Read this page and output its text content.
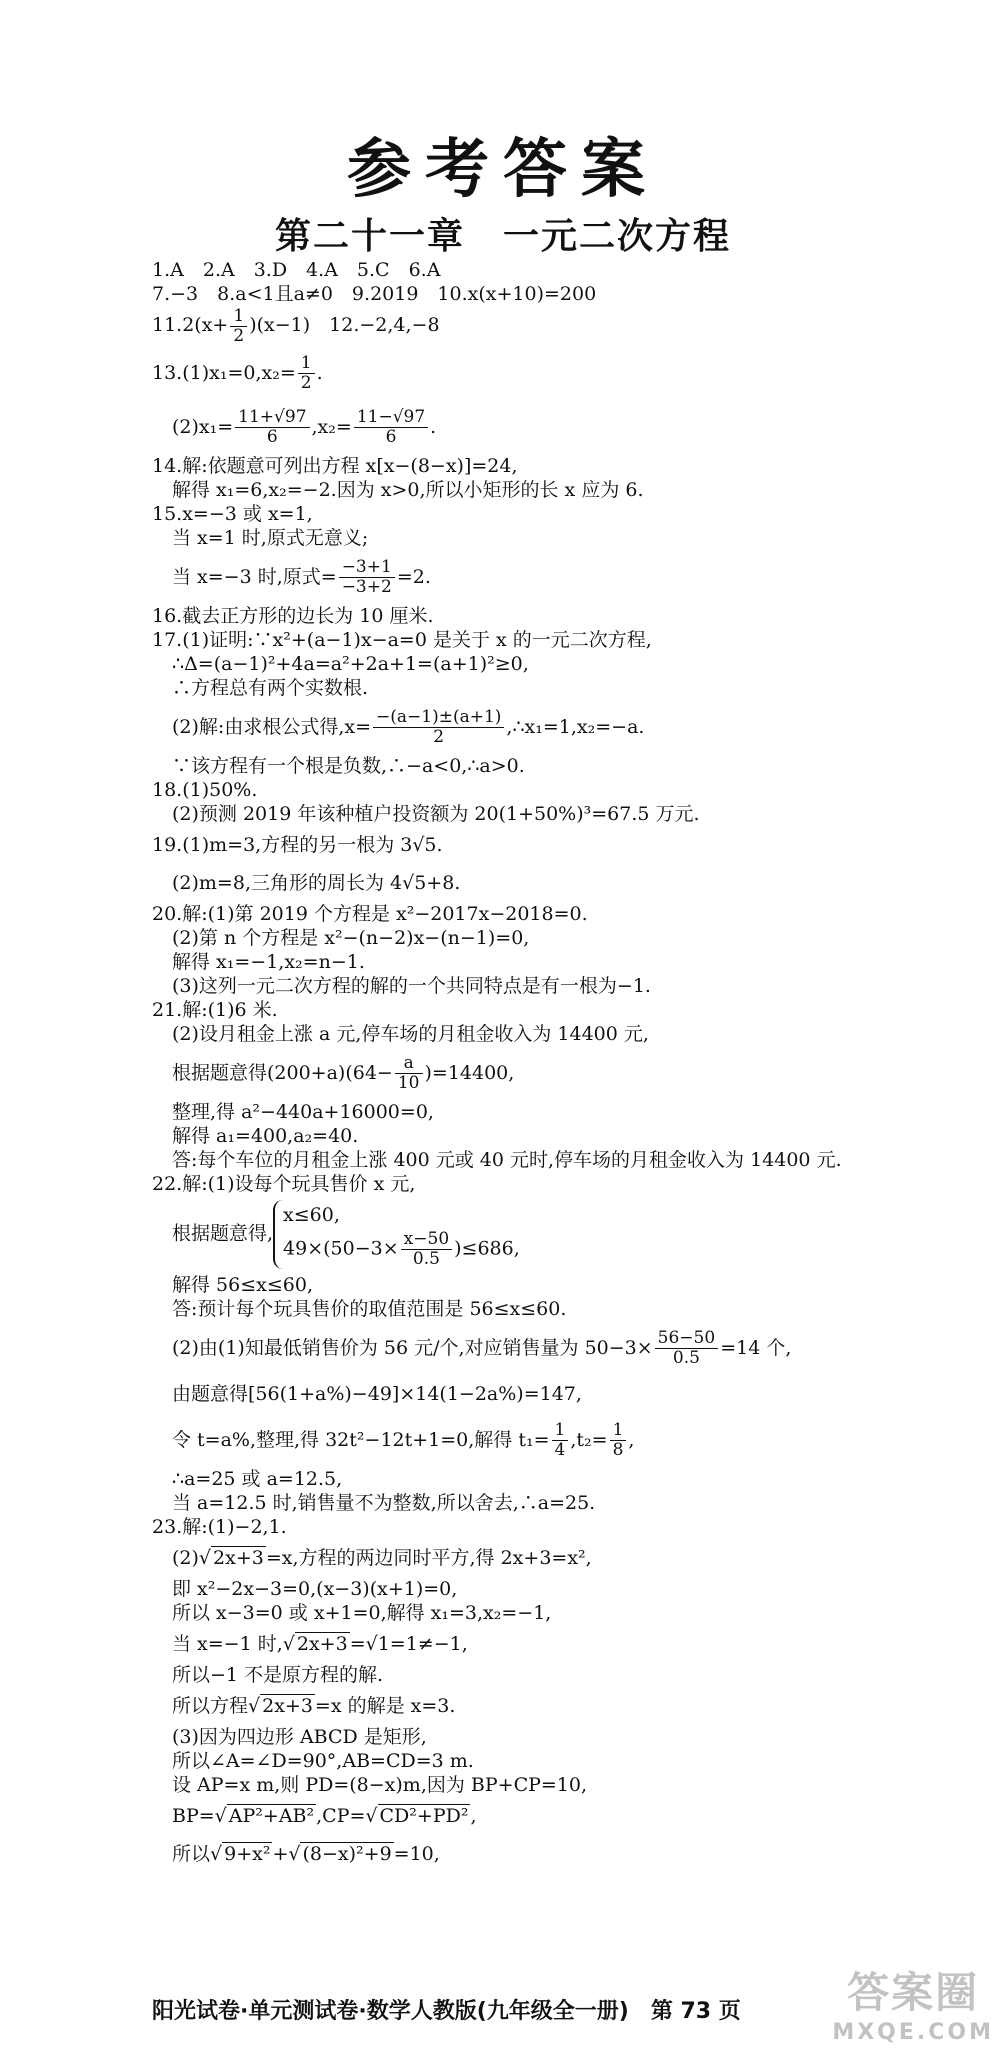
参考答案
第二十一章　一元二次方程

1.A　2.A　3.D　4.A　5.C　6.A

7.−3　8.a<1且a≠0　9.2019　10.x(x+10)=200

$11.2(x+ \frac{1}{2} )(x-1)$　12.−2,4,−8

$13.(1)x_1=0,x_2= \frac{1}{2}$ .

$(2)x_1= \frac{11+√97}{6} ,x_2= \frac{11-√97}{6}$ .

14.解:依题意可列出方程 x[x−(8−x)]=24,

解得 x₁=6,x₂=−2.因为 x>0,所以小矩形的长 x 应为 6.

15.x=−3 或 x=1,

当 x=1 时,原式无意义;

当 x=−3 时,原式= $\frac{-3+1}{-3+2} =2$.

16.截去正方形的边长为 10 厘米.

17.(1)证明:∵x²+(a−1)x−a=0 是关于 x 的一元二次方程,

∴Δ=(a−1)²+4a=a²+2a+1=(a+1)²≥0,

∴方程总有两个实数根.

(2)解:由求根公式得$,x= \frac{-(a-1)\pm(a+1)}{2}$ ,∴x₁=1,x₂=−a.

∵该方程有一个根是负数,∴−a<0,∴a>0.

18.(1)50%.

(2)预测 2019 年该种植户投资额为 20(1+50%)³=67.5 万元.

19.(1)m=3,方程的另一根为 3√5.

(2)m=8,三角形的周长为 4√5+8.

20.解:(1)第 2019 个方程是 x²−2017x−2018=0.

(2)第 n 个方程是 x²−(n−2)x−(n−1)=0,

解得 x₁=−1,x₂=n−1.

(3)这列一元二次方程的解的一个共同特点是有一根为−1.

21.解:(1)6 米.

(2)设月租金上涨 a 元,停车场的月租金收入为 14400 元,

根据题意得$(200+a)(64- \frac{a}{10} )=14400$,

整理,得 a²−440a+16000=0,

解得 a₁=400,a₂=40.

答:每个车位的月租金上涨 400 元或 40 元时,停车场的月租金收入为 14400 元.

22.解:(1)设每个玩具售价 x 元,

根据题意得,
x≤60,
$49\times(50-3\times \frac{x-50}{0.5} )\le 686$,

解得 56≤x≤60,

答:预计每个玩具售价的取值范围是 56≤x≤60.

(2)由(1)知最低销售价为 56 元/个,对应销售量为 $50-3\times \frac{56-50}{0.5} =14$ 个,

由题意得[56(1+a%)−49]×14(1−2a%)=147,

令 t=a%,整理,得 32t²−12t+1=0,解得 $t_1= \frac{1}{4} ,t_2= \frac{1}{8}$ ,

∴a=25 或 a=12.5,

当 a=12.5 时,销售量不为整数,所以舍去,∴a=25.

23.解:(1)−2,1.

(2)√ 2x+3 =x,方程的两边同时平方,得 2x+3=x²,

即 x²−2x−3=0,(x−3)(x+1)=0,

所以 x−3=0 或 x+1=0,解得 x₁=3,x₂=−1,

当 x=−1 时,√ 2x+3 =√1=1≠−1,

所以−1 不是原方程的解.

所以方程√ 2x+3 =x 的解是 x=3.

(3)因为四边形 ABCD 是矩形,

所以∠A=∠D=90°,AB=CD=3 m.

设 AP=x m,则 PD=(8−x)m,因为 BP+CP=10,

BP=√ AP²+AB² ,CP=√ CD²+PD² ,

所以√ 9+x² +√ (8−x)²+9 =10,

阳光试卷·单元测试卷·数学人教版(九年级全一册)　第 73 页	答案圈
MXQE.COM
